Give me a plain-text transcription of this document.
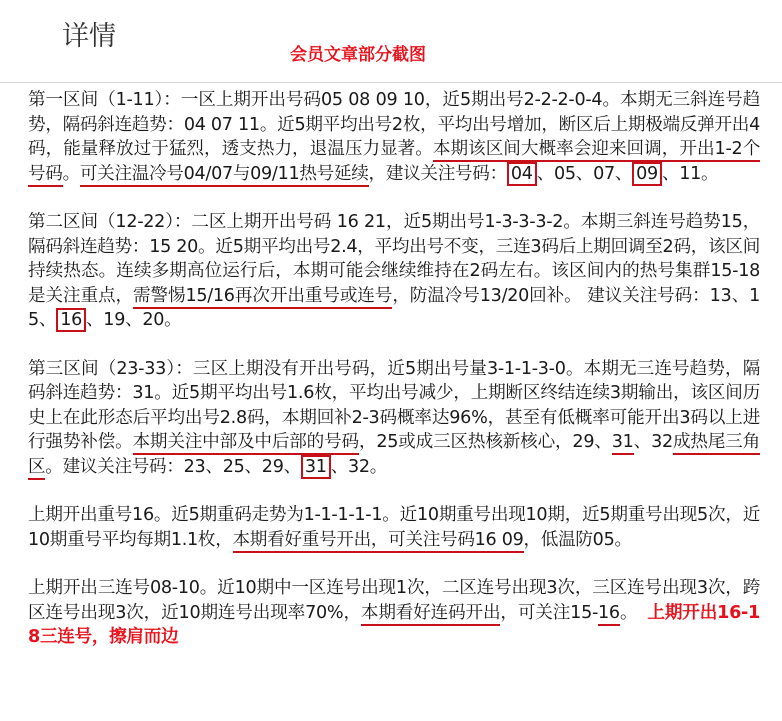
详情
会员文章部分截图

第一区间（1-11）：一区上期开出号码05 08 09 10，近5期出号2-2-2-0-4。本期无三斜连号趋势，隔码斜连趋势：04 07 11。近5期平均出号2枚，平均出号增加，断区后上期极端反弹开出4码，能量释放过于猛烈，透支热力，退温压力显著。本期该区间大概率会迎来回调，开出1-2个号码。可关注温冷号04/07与09/11热号延续，建议关注号码： 04 、05、07、 09 、11。

第二区间（12-22）：二区上期开出号码 16 21，近5期出号1-3-3-3-2。本期三斜连号趋势15，隔码斜连趋势：15 20。近5期平均出号2.4，平均出号不变，三连3码后上期回调至2码，该区间持续热态。连续多期高位运行后，本期可能会继续维持在2码左右。该区间内的热号集群15-18是关注重点，需警惕15/16再次开出重号或连号，防温冷号13/20回补。 建议关注号码：13、15、 16 、19、20。

第三区间（23-33）：三区上期没有开出号码，近5期出号量3-1-1-3-0。本期无三连号趋势，隔码斜连趋势：31。近5期平均出号1.6枚，平均出号减少，上期断区终结连续3期输出，该区间历史上在此形态后平均出号2.8码，本期回补2-3码概率达96%，甚至有低概率可能开出3码以上进行强势补偿。本期关注中部及中后部的号码，25或成三区热核新核心，29、31、32成热尾三角区。建议关注号码：23、25、29、 31 、32。

上期开出重号16。近5期重码走势为1-1-1-1-1。近10期重号出现10期，近5期重号出现5次，近10期重号平均每期1.1枚，本期看好重号开出，可关注号码16 09，低温防05。

上期开出三连号08-10。近10期中一区连号出现1次，二区连号出现3次，三区连号出现3次，跨区连号出现3次，近10期连号出现率70%，本期看好连码开出，可关注15-16。 上期开出16-18三连号，擦肩而边
